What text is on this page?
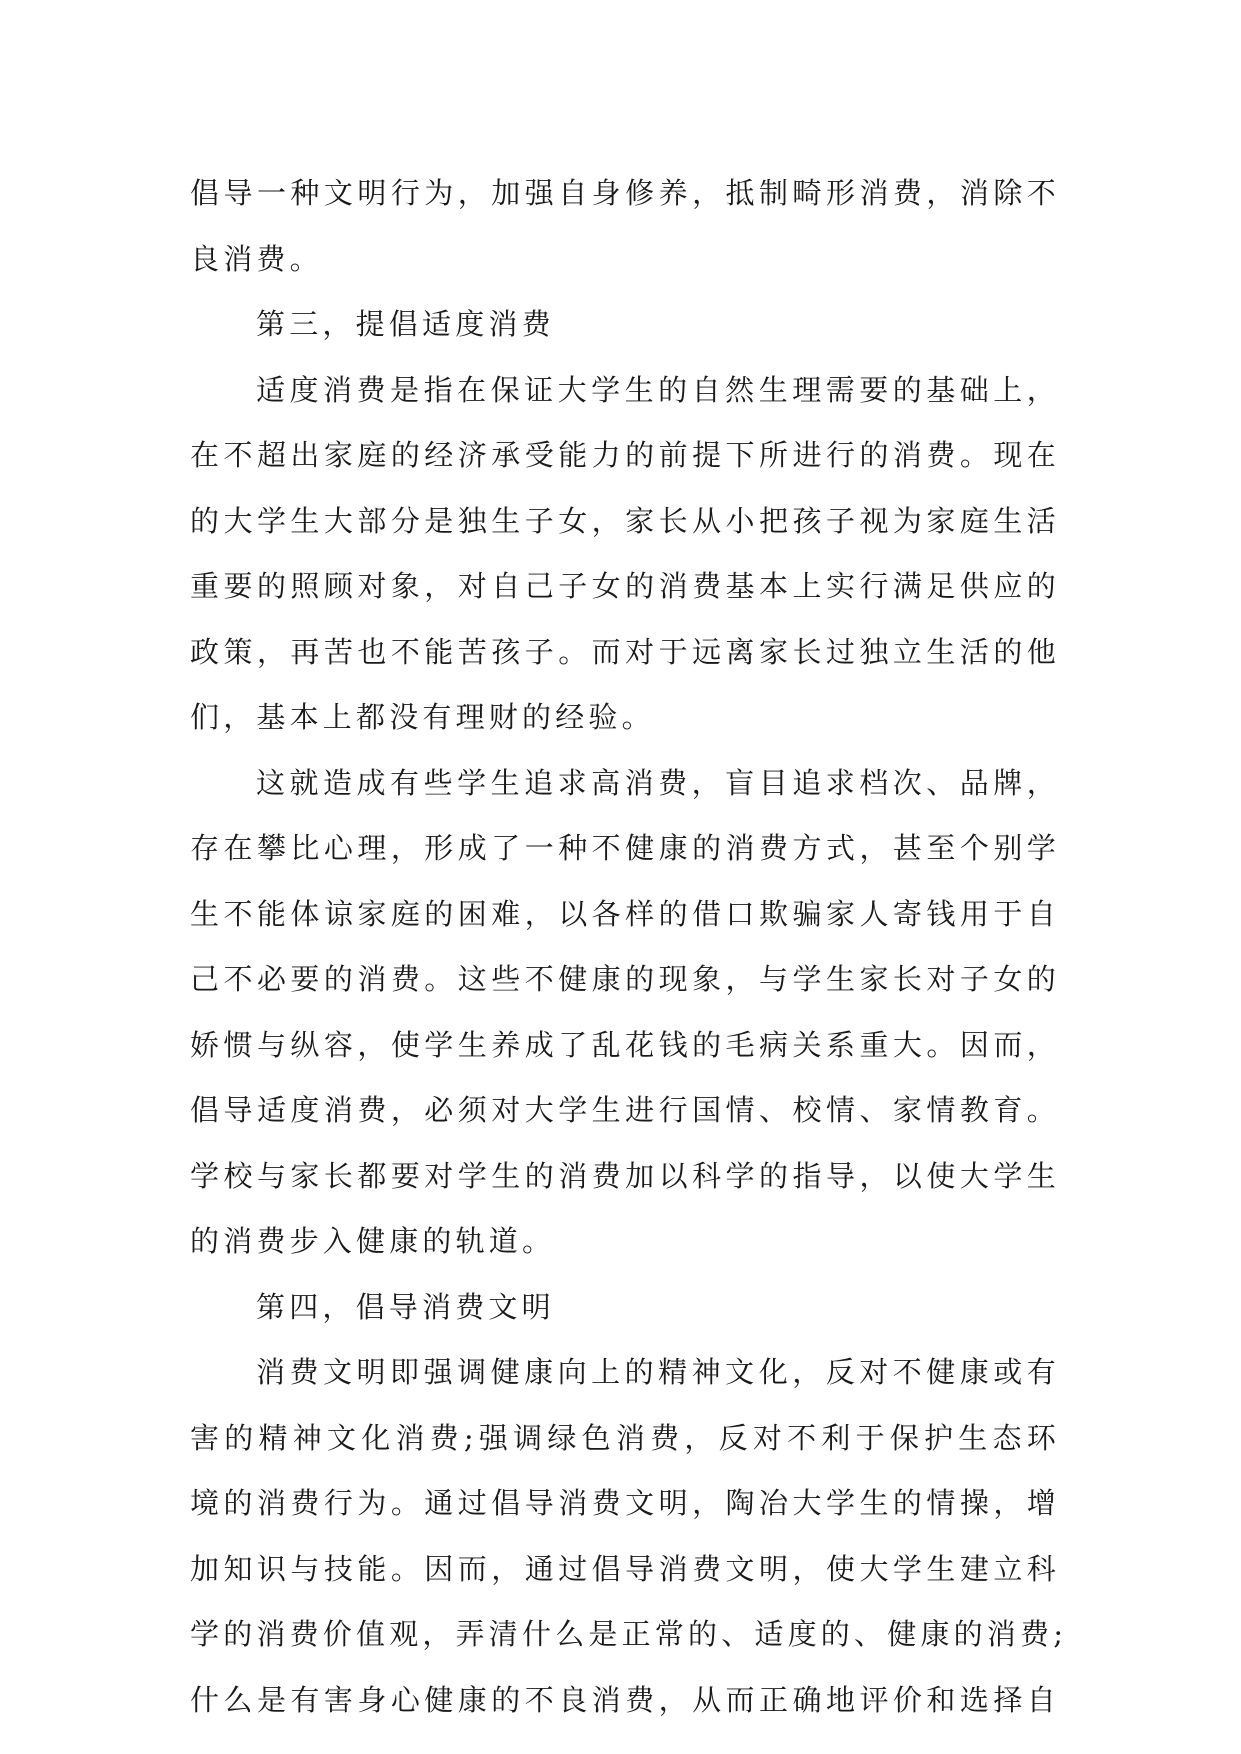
倡导一种文明行为，加强自身修养，抵制畸形消费，消除不
良消费。
第三，提倡适度消费
适度消费是指在保证大学生的自然生理需要的基础上，
在不超出家庭的经济承受能力的前提下所进行的消费。现在
的大学生大部分是独生子女，家长从小把孩子视为家庭生活
重要的照顾对象，对自己子女的消费基本上实行满足供应的
政策，再苦也不能苦孩子。而对于远离家长过独立生活的他
们，基本上都没有理财的经验。
这就造成有些学生追求高消费，盲目追求档次、品牌，
存在攀比心理，形成了一种不健康的消费方式，甚至个别学
生不能体谅家庭的困难，以各样的借口欺骗家人寄钱用于自
己不必要的消费。这些不健康的现象，与学生家长对子女的
娇惯与纵容，使学生养成了乱花钱的毛病关系重大。因而，
倡导适度消费，必须对大学生进行国情、校情、家情教育。
学校与家长都要对学生的消费加以科学的指导，以使大学生
的消费步入健康的轨道。
第四，倡导消费文明
消费文明即强调健康向上的精神文化，反对不健康或有
害的精神文化消费;强调绿色消费，反对不利于保护生态环
境的消费行为。通过倡导消费文明，陶冶大学生的情操，增
加知识与技能。因而，通过倡导消费文明，使大学生建立科
学的消费价值观，弄清什么是正常的、适度的、健康的消费;
什么是有害身心健康的不良消费，从而正确地评价和选择自
